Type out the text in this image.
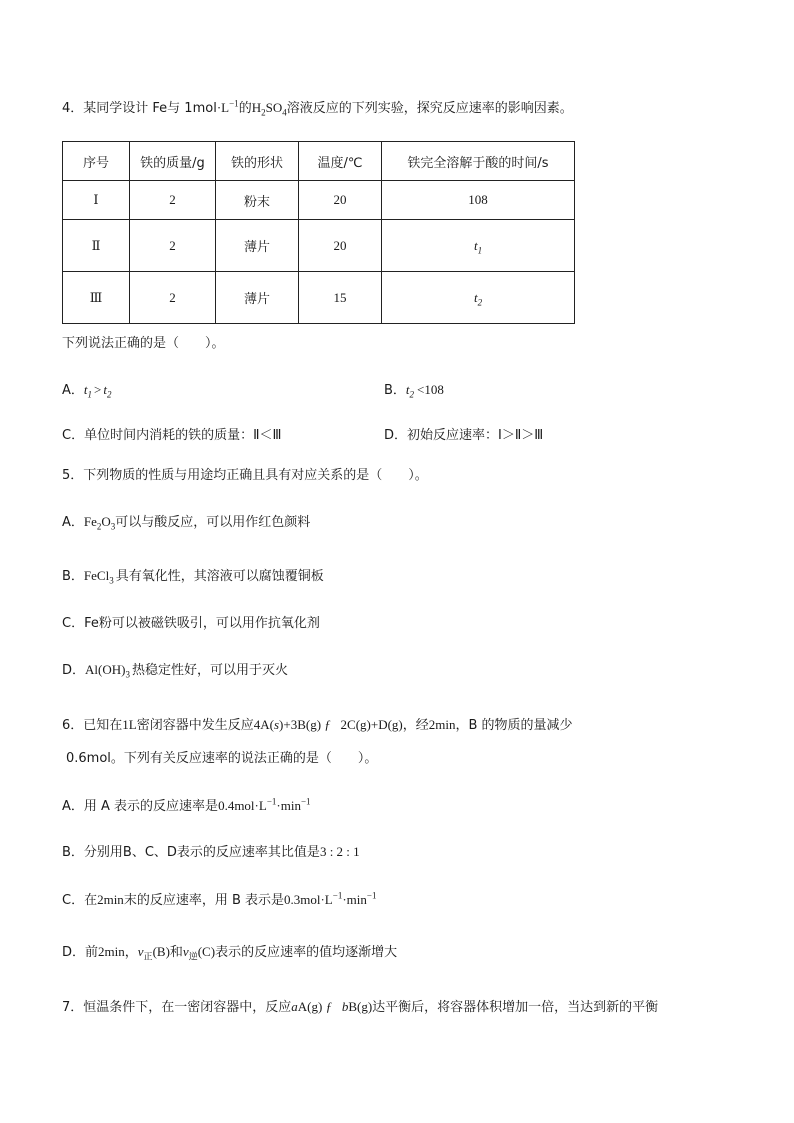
4．某同学设计 Fe与 $1mol\cdot L^{-1}$的$H_2SO_4$溶液反应的下列实验，探究反应速率的影响因素。
序号	铁的质量/g	铁的形状	温度/℃	铁完全溶解于酸的时间/s
Ⅰ	2	粉末	20	108
Ⅱ	2	薄片	20	$t_1$
Ⅲ	2	薄片	15	$t_2$
下列说法正确的是（　　）。
A．$t_1 > t_2$	B．$t_2 <108$
C．单位时间内消耗的铁的质量：Ⅱ＜Ⅲ	D．初始反应速率：Ⅰ＞Ⅱ＞Ⅲ
5．下列物质的性质与用途均正确且具有对应关系的是（　　）。
A．$Fe_2O_3$可以与酸反应，可以用作红色颜料
B．FeCl$_3$ 具有氧化性，其溶液可以腐蚀覆铜板
C．Fe粉可以被磁铁吸引，可以用作抗氧化剂
D．$Al(OH)_3$ 热稳定性好，可以用于灭火
6．已知在1L密闭容器中发生反应4A(s)+3B(g) ƒ   2C(g)+D(g)，经2min，B 的物质的量减少
0.6mol。下列有关反应速率的说法正确的是（　　）。
A．用 A 表示的反应速率是$0.4mol\cdot L^{-1}\cdot\min^{-1}$
B．分别用B、C、D表示的反应速率其比值是3 : 2 : 1
C．在2min末的反应速率，用 B 表示是$0.3mol\cdot L^{-1}\cdot\min^{-1}$
D．前2min，$v_正(B)$和$v_逆(C)$表示的反应速率的值均逐渐增大
7．恒温条件下，在一密闭容器中，反应aA(g) ƒ bB(g)达平衡后，将容器体积增加一倍，当达到新的平衡
